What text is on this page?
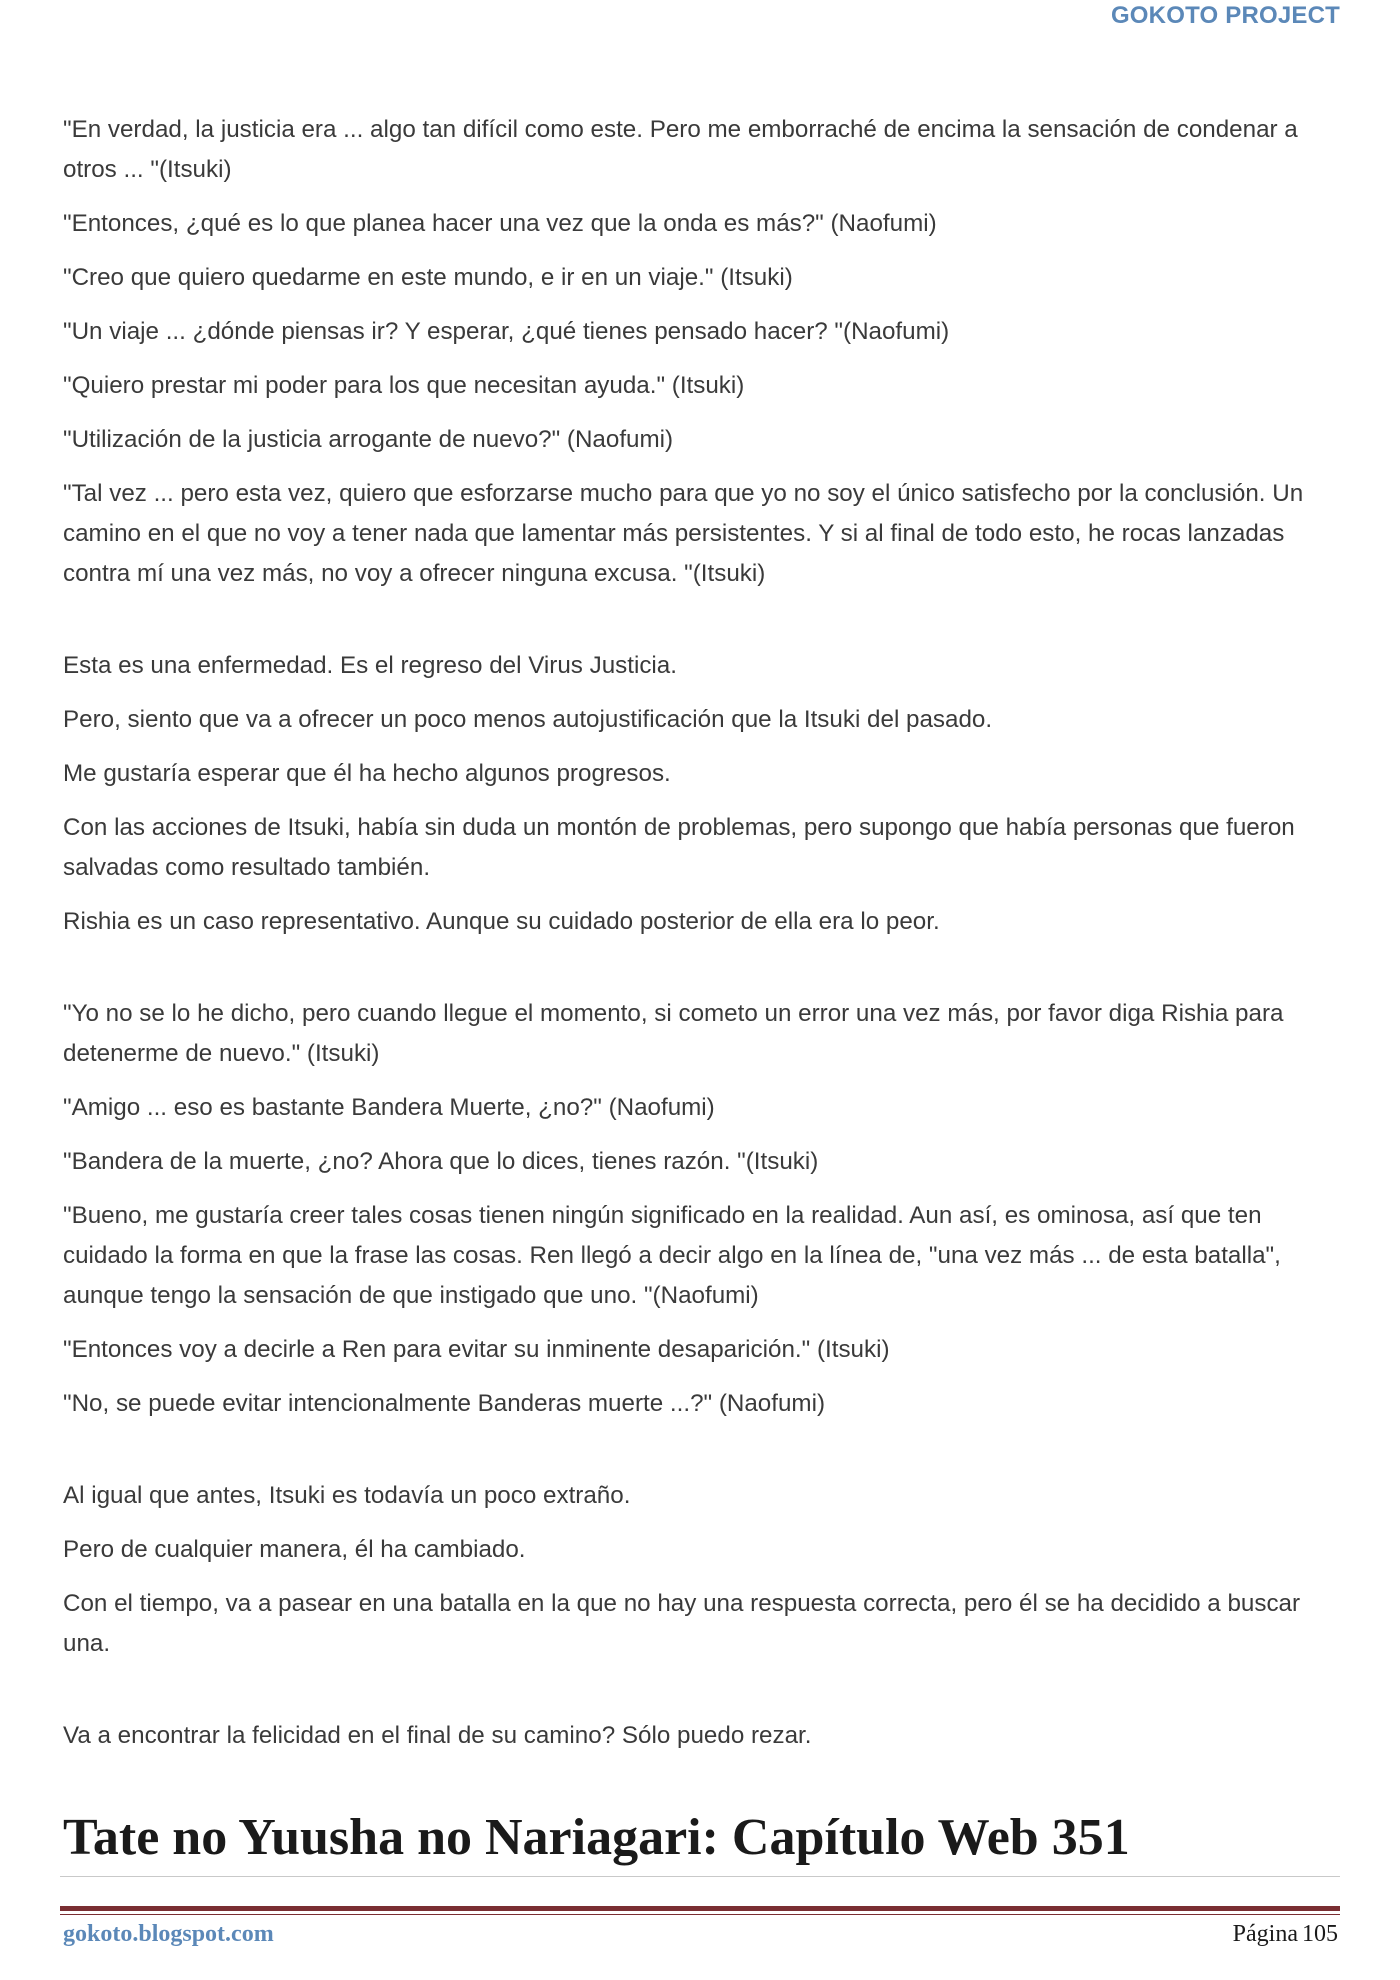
GOKOTO PROJECT

"En verdad, la justicia era ... algo tan difícil como este. Pero me emborraché de encima la sensación de condenar a otros ... "(Itsuki)

"Entonces, ¿qué es lo que planea hacer una vez que la onda es más?" (Naofumi)

"Creo que quiero quedarme en este mundo, e ir en un viaje." (Itsuki)

"Un viaje ... ¿dónde piensas ir? Y esperar, ¿qué tienes pensado hacer? "(Naofumi)

"Quiero prestar mi poder para los que necesitan ayuda." (Itsuki)

"Utilización de la justicia arrogante de nuevo?" (Naofumi)

"Tal vez ... pero esta vez, quiero que esforzarse mucho para que yo no soy el único satisfecho por la conclusión. Un camino en el que no voy a tener nada que lamentar más persistentes. Y si al final de todo esto, he rocas lanzadas contra mí una vez más, no voy a ofrecer ninguna excusa. "(Itsuki)

Esta es una enfermedad. Es el regreso del Virus Justicia.

Pero, siento que va a ofrecer un poco menos autojustificación que la Itsuki del pasado.

Me gustaría esperar que él ha hecho algunos progresos.

Con las acciones de Itsuki, había sin duda un montón de problemas, pero supongo que había personas que fueron salvadas como resultado también.

Rishia es un caso representativo. Aunque su cuidado posterior de ella era lo peor.

"Yo no se lo he dicho, pero cuando llegue el momento, si cometo un error una vez más, por favor diga Rishia para detenerme de nuevo." (Itsuki)

"Amigo ... eso es bastante Bandera Muerte, ¿no?" (Naofumi)

"Bandera de la muerte, ¿no? Ahora que lo dices, tienes razón. "(Itsuki)

"Bueno, me gustaría creer tales cosas tienen ningún significado en la realidad. Aun así, es ominosa, así que ten cuidado la forma en que la frase las cosas. Ren llegó a decir algo en la línea de, "una vez más ... de esta batalla", aunque tengo la sensación de que instigado que uno. "(Naofumi)

"Entonces voy a decirle a Ren para evitar su inminente desaparición." (Itsuki)

"No, se puede evitar intencionalmente Banderas muerte ...?" (Naofumi)

Al igual que antes, Itsuki es todavía un poco extraño.

Pero de cualquier manera, él ha cambiado.

Con el tiempo, va a pasear en una batalla en la que no hay una respuesta correcta, pero él se ha decidido a buscar una.

Va a encontrar la felicidad en el final de su camino? Sólo puedo rezar.

Tate no Yuusha no Nariagari: Capítulo Web 351
gokoto.blogspot.com	Página 105
